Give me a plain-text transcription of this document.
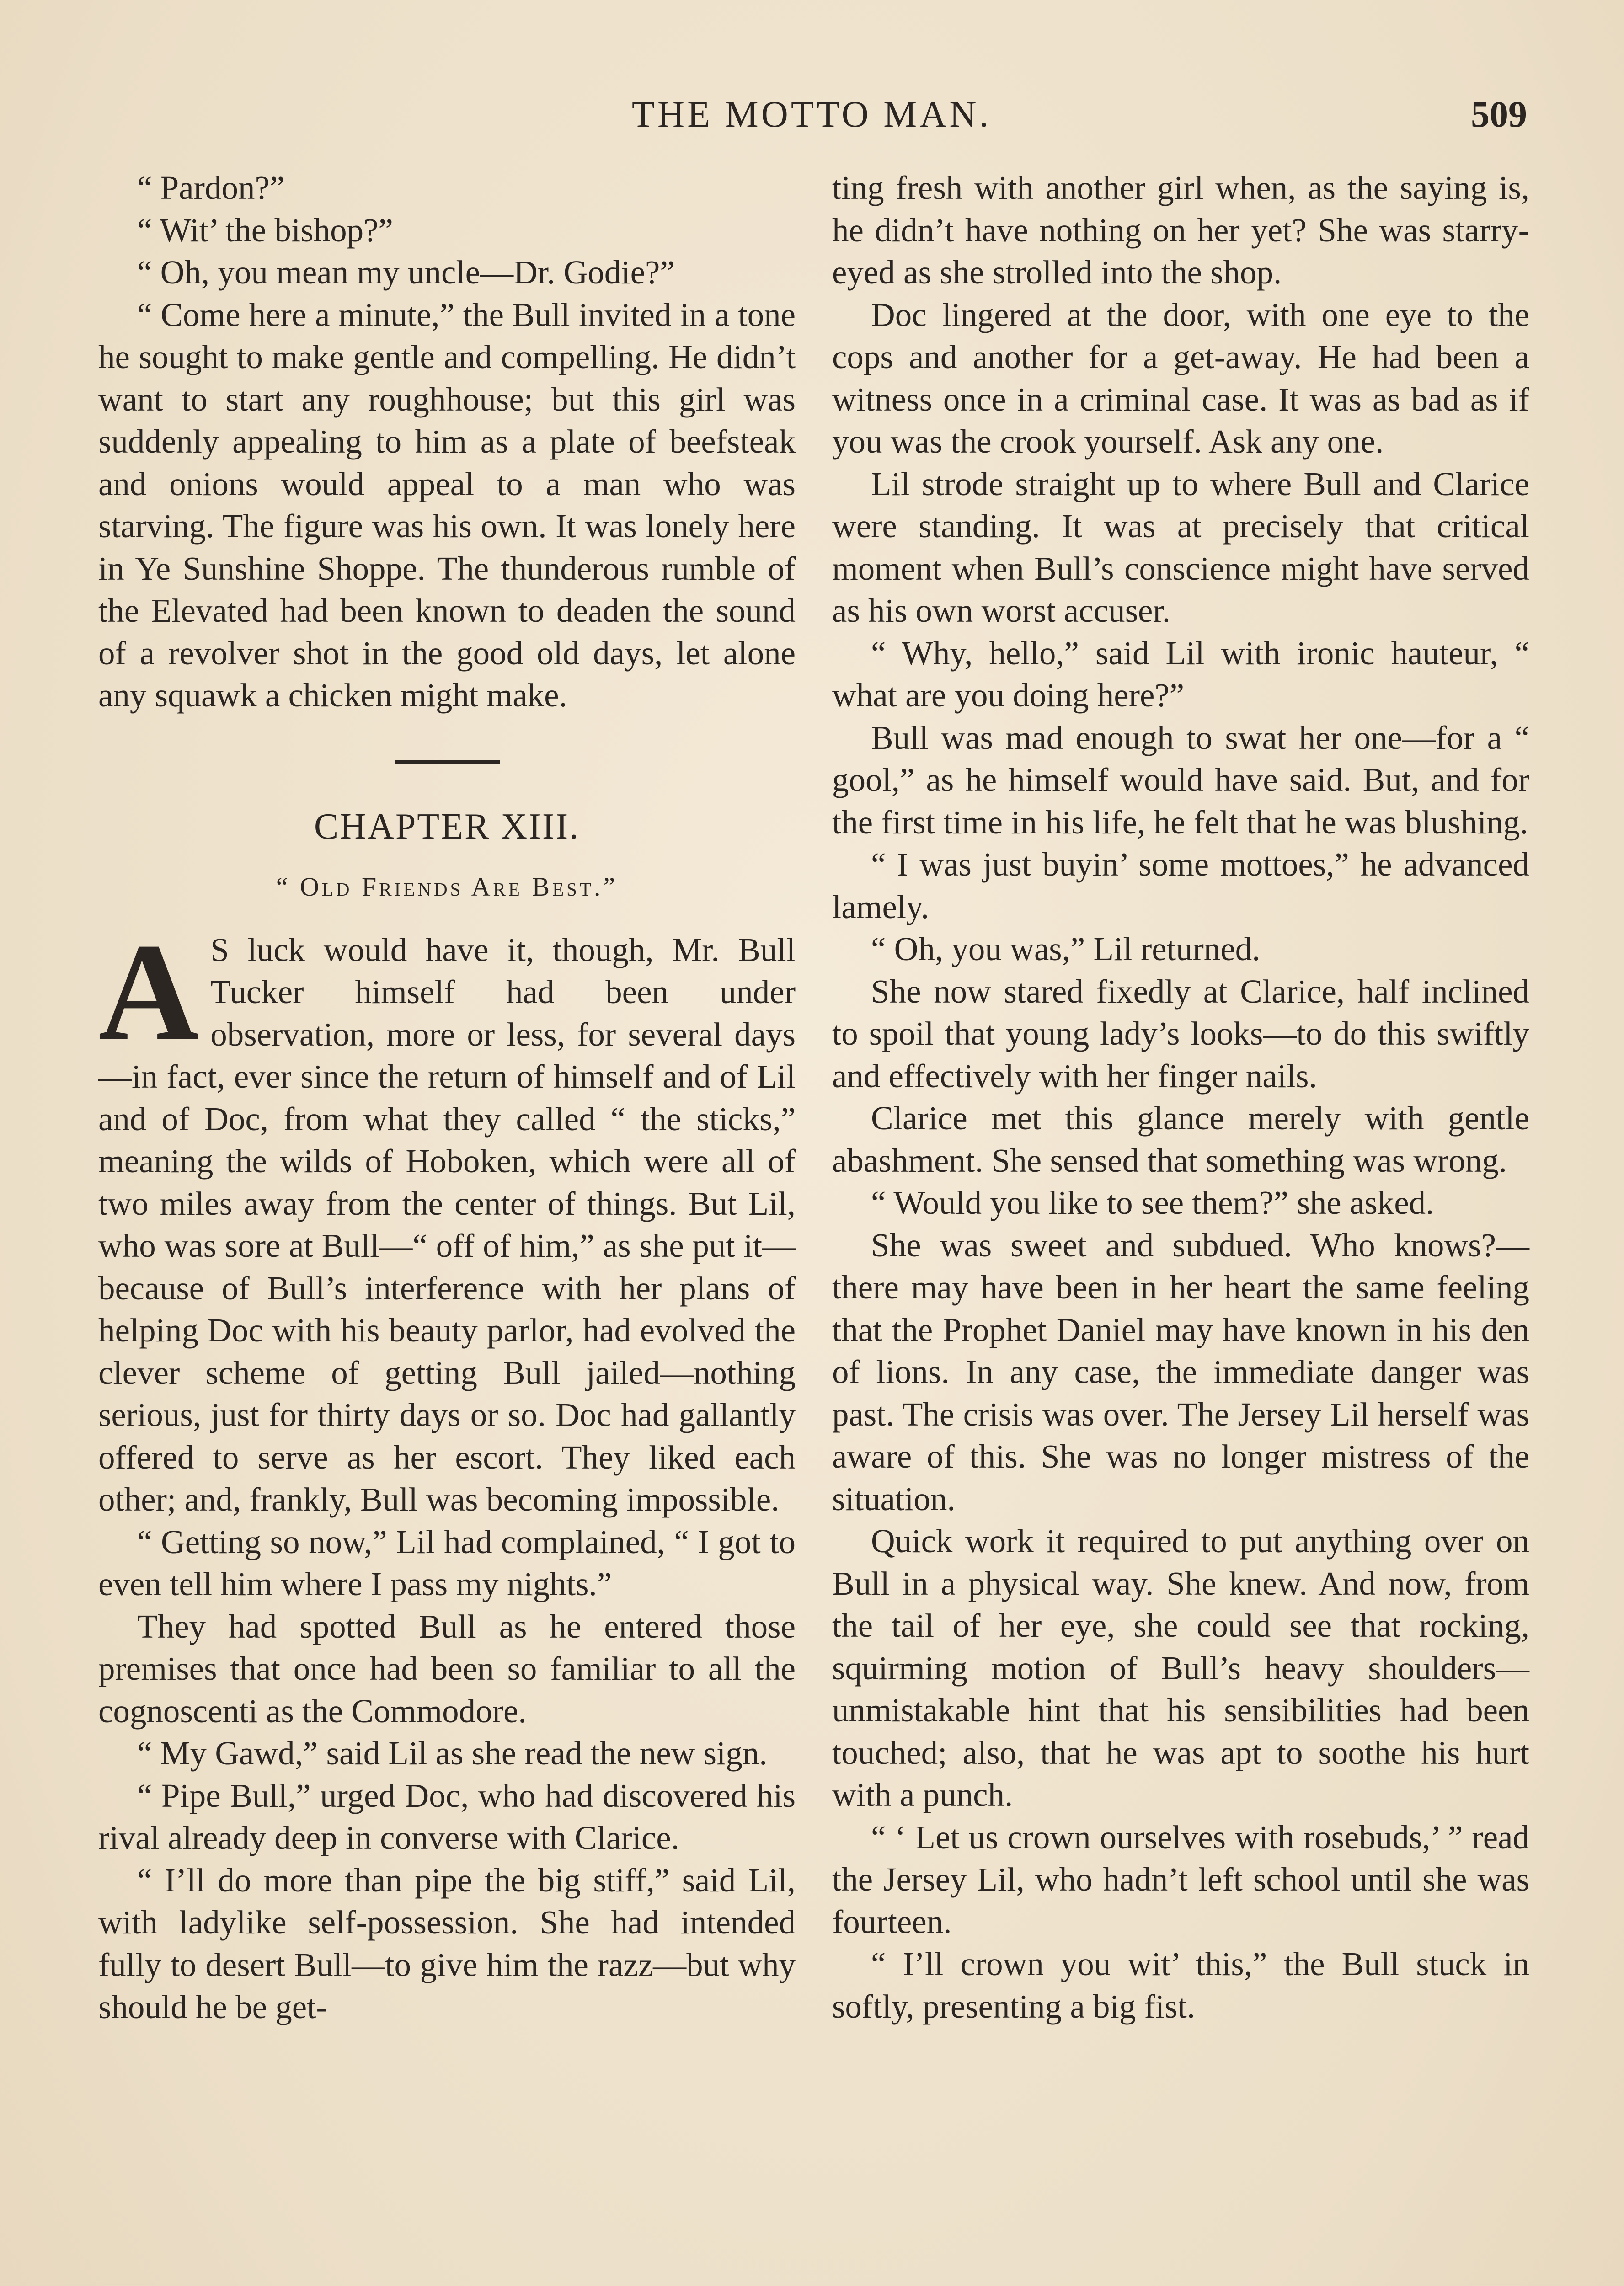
THE MOTTO MAN.	509

“ Pardon?”

“ Wit’ the bishop?”

“ Oh, you mean my uncle—Dr. Godie?”

“ Come here a minute,” the Bull invited in a tone he sought to make gentle and compelling. He didn’t want to start any roughhouse; but this girl was suddenly appealing to him as a plate of beefsteak and onions would appeal to a man who was starving. The figure was his own. It was lonely here in Ye Sunshine Shoppe. The thunderous rumble of the Elevated had been known to deaden the sound of a revolver shot in the good old days, let alone any squawk a chicken might make.

CHAPTER XIII.
“ Old Friends Are Best.”

A S luck would have it, though, Mr. Bull Tucker himself had been under observation, more or less, for several days—in fact, ever since the return of himself and of Lil and of Doc, from what they called “ the sticks,” meaning the wilds of Hoboken, which were all of two miles away from the center of things. But Lil, who was sore at Bull—“ off of him,” as she put it—because of Bull’s interference with her plans of helping Doc with his beauty parlor, had evolved the clever scheme of getting Bull jailed—nothing serious, just for thirty days or so. Doc had gallantly offered to serve as her escort. They liked each other; and, frankly, Bull was becoming impossible.

“ Getting so now,” Lil had complained, “ I got to even tell him where I pass my nights.”

They had spotted Bull as he entered those premises that once had been so familiar to all the cognoscenti as the Commodore.

“ My Gawd,” said Lil as she read the new sign.

“ Pipe Bull,” urged Doc, who had discovered his rival already deep in converse with Clarice.

“ I’ll do more than pipe the big stiff,” said Lil, with ladylike self-possession. She had intended fully to desert Bull—to give him the razz—but why should he be get-

ting fresh with another girl when, as the saying is, he didn’t have nothing on her yet? She was starry-eyed as she strolled into the shop.

Doc lingered at the door, with one eye to the cops and another for a get-away. He had been a witness once in a criminal case. It was as bad as if you was the crook yourself. Ask any one.

Lil strode straight up to where Bull and Clarice were standing. It was at precisely that critical moment when Bull’s conscience might have served as his own worst accuser.

“ Why, hello,” said Lil with ironic hauteur, “ what are you doing here?”

Bull was mad enough to swat her one—for a “ gool,” as he himself would have said. But, and for the first time in his life, he felt that he was blushing.

“ I was just buyin’ some mottoes,” he advanced lamely.

“ Oh, you was,” Lil returned.

She now stared fixedly at Clarice, half inclined to spoil that young lady’s looks—to do this swiftly and effectively with her finger nails.

Clarice met this glance merely with gentle abashment. She sensed that something was wrong.

“ Would you like to see them?” she asked.

She was sweet and subdued. Who knows?—there may have been in her heart the same feeling that the Prophet Daniel may have known in his den of lions. In any case, the immediate danger was past. The crisis was over. The Jersey Lil herself was aware of this. She was no longer mistress of the situation.

Quick work it required to put anything over on Bull in a physical way. She knew. And now, from the tail of her eye, she could see that rocking, squirming motion of Bull’s heavy shoulders—unmistakable hint that his sensibilities had been touched; also, that he was apt to soothe his hurt with a punch.

“ ‘ Let us crown ourselves with rosebuds,’ ” read the Jersey Lil, who hadn’t left school until she was fourteen.

“ I’ll crown you wit’ this,” the Bull stuck in softly, presenting a big fist.
